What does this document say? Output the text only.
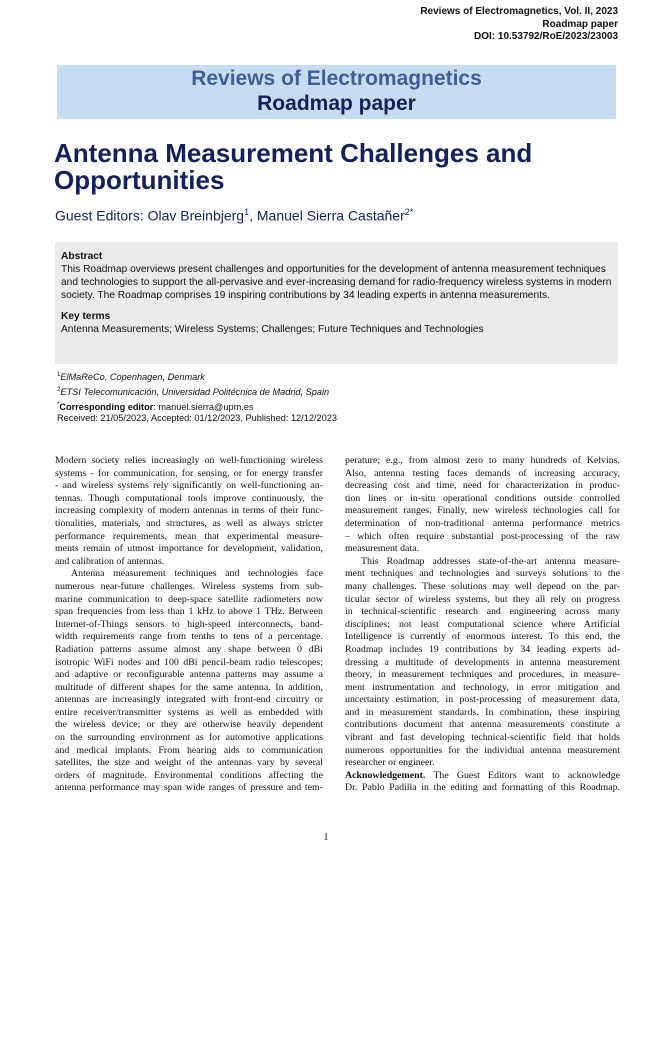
Reviews of Electromagnetics, Vol. II, 2023
Roadmap paper
DOI: 10.53792/RoE/2023/23003
Reviews of Electromagnetics
Roadmap paper
Antenna Measurement Challenges and Opportunities
Guest Editors: Olav Breinbjerg$^1$, Manuel Sierra Castañer$^{2*}$

Abstract

This Roadmap overviews present challenges and opportunities for the development of antenna measurement techniques and technologies to support the all-pervasive and ever-increasing demand for radio-frequency wireless systems in modern society. The Roadmap comprises 19 inspiring contributions by 34 leading experts in antenna measurements.

Key terms

Antenna Measurements; Wireless Systems; Challenges; Future Techniques and Technologies

$^1$ElMaReCo, Copenhagen, Denmark
$^2$ETSI Telecomunicación, Universidad Politécnica de Madrid, Spain
*Corresponding editor: manuel.sierra@upm.es
Received: 21/05/2023, Accepted: 01/12/2023, Published: 12/12/2023
Modern society relies increasingly on well-functioning wireless
systems - for communication, for sensing, or for energy transfer
- and wireless systems rely significantly on well-functioning an-
tennas. Though computational tools improve continuously, the
increasing complexity of modern antennas in terms of their func-
tionalities, materials, and structures, as well as always stricter
performance requirements, mean that experimental measure-
ments remain of utmost importance for development, validation,
and calibration of antennas.
Antenna measurement techniques and technologies face
numerous near-future challenges. Wireless systems from sub-
marine communication to deep-space satellite radiometers now
span frequencies from less than 1 kHz to above 1 THz. Between
Internet-of-Things sensors to high-speed interconnects, band-
width requirements range from tenths to tens of a percentage.
Radiation patterns assume almost any shape between 0 dBi
isotropic WiFi nodes and 100 dBi pencil-beam radio telescopes;
and adaptive or reconfigurable antenna patterns may assume a
multitude of different shapes for the same antenna. In addition,
antennas are increasingly integrated with front-end circuitry or
entire receiver/transmitter systems as well as embedded with
the wireless device; or they are otherwise heavily dependent
on the surrounding environment as for automotive applications
and medical implants. From hearing aids to communication
satellites, the size and weight of the antennas vary by several
orders of magnitude. Environmental conditions affecting the
antenna performance may span wide ranges of pressure and tem-
perature; e.g., from almost zero to many hundreds of Kelvins.
Also, antenna testing faces demands of increasing accuracy,
decreasing cost and time, need for characterization in produc-
tion lines or in-situ operational conditions outside controlled
measurement ranges. Finally, new wireless technologies call for
determination of non-traditional antenna performance metrics
– which often require substantial post-processing of the raw
measurement data.
This Roadmap addresses state-of-the-art antenna measure-
ment techniques and technologies and surveys solutions to the
many challenges. These solutions may well depend on the par-
ticular sector of wireless systems, but they all rely on progress
in technical-scientific research and engineering across many
disciplines; not least computational science where Artificial
Intelligence is currently of enormous interest. To this end, the
Roadmap includes 19 contributions by 34 leading experts ad-
dressing a multitude of developments in antenna measurement
theory, in measurement techniques and procedures, in measure-
ment instrumentation and technology, in error mitigation and
uncertainty estimation, in post-processing of measurement data,
and in measurement standards. In combination, these inspiring
contributions document that antenna measurements constitute a
vibrant and fast developing technical-scientific field that holds
numerous opportunities for the individual antenna measurement
researcher or engineer.
Acknowledgement. The Guest Editors want to acknowledge
Dr. Pablo Padilla in the editing and formatting of this Roadmap.
1
